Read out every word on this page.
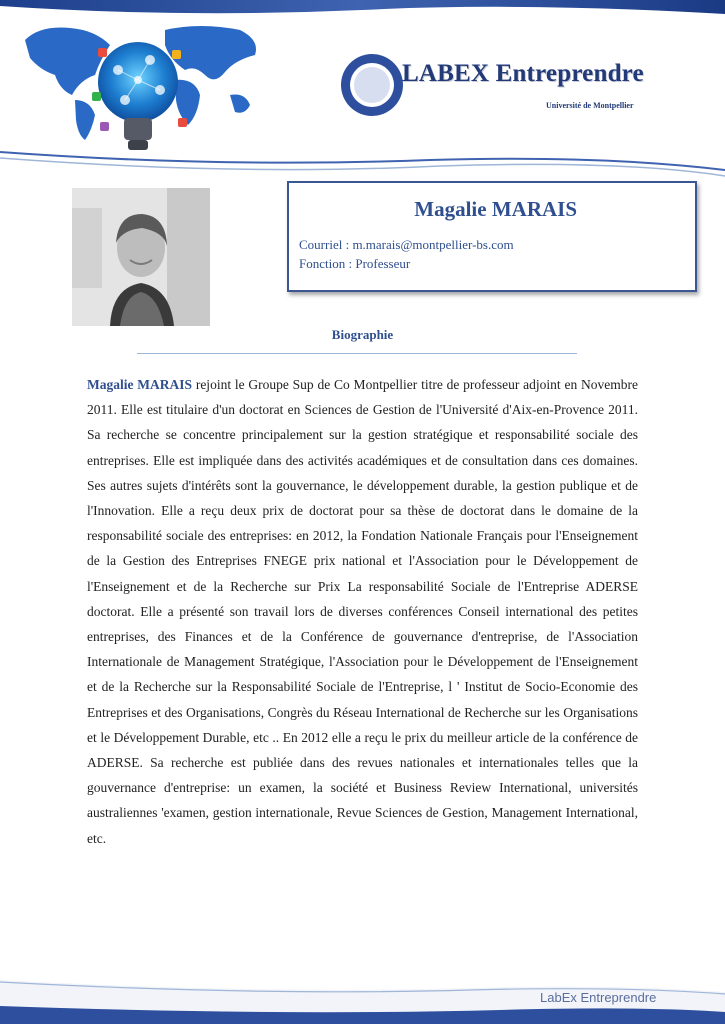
LABEX Entreprendre
Université de Montpellier
Magalie MARAIS
Courriel : m.marais@montpellier-bs.com
Fonction : Professeur
Biographie
Magalie MARAIS rejoint le Groupe Sup de Co Montpellier titre de professeur adjoint en Novembre 2011. Elle est titulaire d'un doctorat en Sciences de Gestion de l'Université d'Aix-en-Provence 2011. Sa recherche se concentre principalement sur la gestion stratégique et responsabilité sociale des entreprises. Elle est impliquée dans des activités académiques et de consultation dans ces domaines. Ses autres sujets d'intérêts sont la gouvernance, le développement durable, la gestion publique et de l'Innovation. Elle a reçu deux prix de doctorat pour sa thèse de doctorat dans le domaine de la responsabilité sociale des entreprises: en 2012, la Fondation Nationale Français pour l'Enseignement de la Gestion des Entreprises FNEGE prix national et l'Association pour le Développement de l'Enseignement et de la Recherche sur Prix La responsabilité Sociale de l'Entreprise ADERSE doctorat. Elle a présenté son travail lors de diverses conférences Conseil international des petites entreprises, des Finances et de la Conférence de gouvernance d'entreprise, de l'Association Internationale de Management Stratégique, l'Association pour le Développement de l'Enseignement et de la Recherche sur la Responsabilité Sociale de l'Entreprise, l ' Institut de Socio-Economie des Entreprises et des Organisations, Congrès du Réseau International de Recherche sur les Organisations et le Développement Durable, etc .. En 2012 elle a reçu le prix du meilleur article de la conférence de ADERSE. Sa recherche est publiée dans des revues nationales et internationales telles que la gouvernance d'entreprise: un examen, la société et Business Review International, universités australiennes 'examen, gestion internationale, Revue Sciences de Gestion, Management International, etc.
LabEx Entreprendre
